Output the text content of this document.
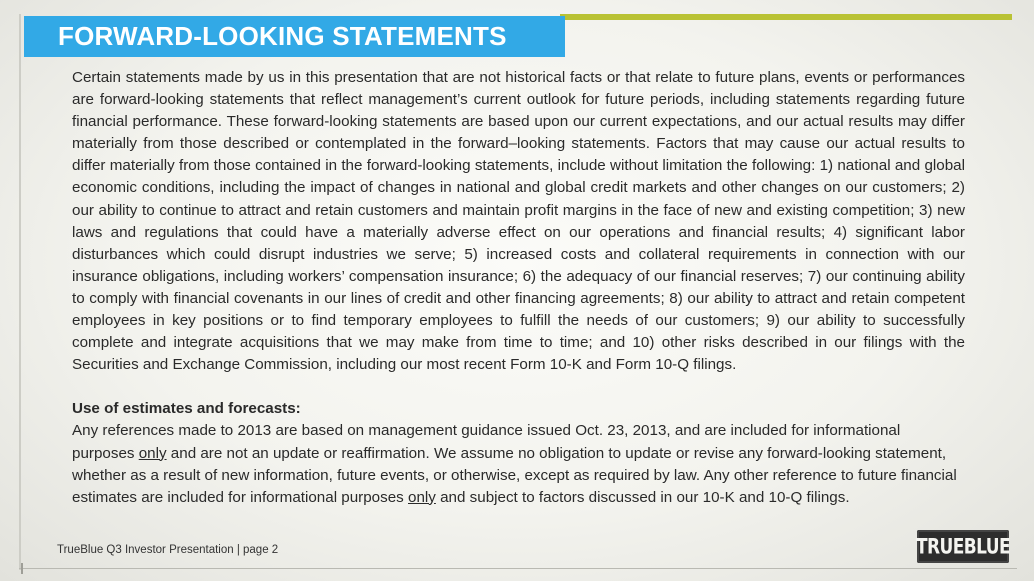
FORWARD-LOOKING STATEMENTS

Certain statements made by us in this presentation that are not historical facts or that relate to future plans, events or performances are forward-looking statements that reflect management’s current outlook for future periods, including statements regarding future financial performance. These forward-looking statements are based upon our current expectations, and our actual results may differ materially from those described or contemplated in the forward–looking statements. Factors that may cause our actual results to differ materially from those contained in the forward-looking statements, include without limitation the following: 1) national and global economic conditions, including the impact of changes in national and global credit markets and other changes on our customers; 2) our ability to continue to attract and retain customers and maintain profit margins in the face of new and existing competition; 3) new laws and regulations that could have a materially adverse effect on our operations and financial results; 4) significant labor disturbances which could disrupt industries we serve; 5) increased costs and collateral requirements in connection with our insurance obligations, including workers’ compensation insurance; 6) the adequacy of our financial reserves; 7) our continuing ability to comply with financial covenants in our lines of credit and other financing agreements; 8) our ability to attract and retain competent employees in key positions or to find temporary employees to fulfill the needs of our customers; 9) our ability to successfully complete and integrate acquisitions that we may make from time to time; and 10) other risks described in our filings with the Securities and Exchange Commission, including our most recent Form 10-K and Form 10-Q filings.

Use of estimates and forecasts:

Any references made to 2013 are based on management guidance issued Oct. 23, 2013, and are included for informational purposes only and are not an update or reaffirmation. We assume no obligation to update or revise any forward-looking statement, whether as a result of new information, future events, or otherwise, except as required by law. Any other reference to future financial estimates are included for informational purposes only and subject to factors discussed in our 10-K and 10-Q filings.

TrueBlue Q3 Investor Presentation | page 2	TRUEBLUE
